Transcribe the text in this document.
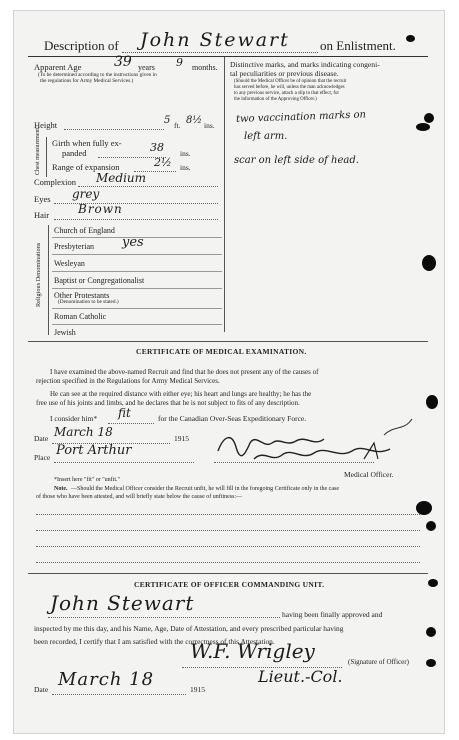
Description of John Stewart on Enlistment.
Apparent Age 39 years 9 months.
(To be determined according to the instructions given in
the regulations for Army Medical Services.)
Distinctive marks, and marks indicating congeni-
tal peculiarities or previous disease.
(Should the Medical Officer be of opinion that the recruit
has served before, he will, unless the man acknowledges
to any previous service, attach a slip to that effect, for
the information of the Approving Officer.)
two vaccination marks on
left arm.
scar on left side of head.
Height	5 ft. 8½ ins.
Chest measurement Girth when fully ex-
panded	38 ins.
Range of expansion	2½ ins.
Complexion Medium
Eyes grey
Hair Brown
Religious Denominations
Church of England
Presbyterian yes
Wesleyan
Baptist or Congregationalist
Other Protestants
(Denomination to be stated.)
Roman Catholic
Jewish
CERTIFICATE OF MEDICAL EXAMINATION.
I have examined the above-named Recruit and find that he does not present any of the causes of
rejection specified in the Regulations for Army Medical Services.
He can see at the required distance with either eye; his heart and lungs are healthy; he has the
free use of his joints and limbs, and he declares that he is not subject to fits of any description.
I consider him* fit	for the Canadian Over-Seas Expeditionary Force.
Date March 18	1915
Place Port Arthur
Medical Officer.
*Insert here "fit" or "unfit."
Note. —Should the Medical Officer consider the Recruit unfit, he will fill in the foregoing Certificate only in the case
of those who have been attested, and will briefly state below the cause of unfitness:—
CERTIFICATE OF OFFICER COMMANDING UNIT.
John Stewart	having been finally approved and
inspected by me this day, and his Name, Age, Date of Attestation, and every prescribed particular having
been recorded, I certify that I am satisfied with the correctness of this Attestation.
W.F. Wrigley	(Signature of Officer)
Lieut.-Col.
Date March 18	1915
